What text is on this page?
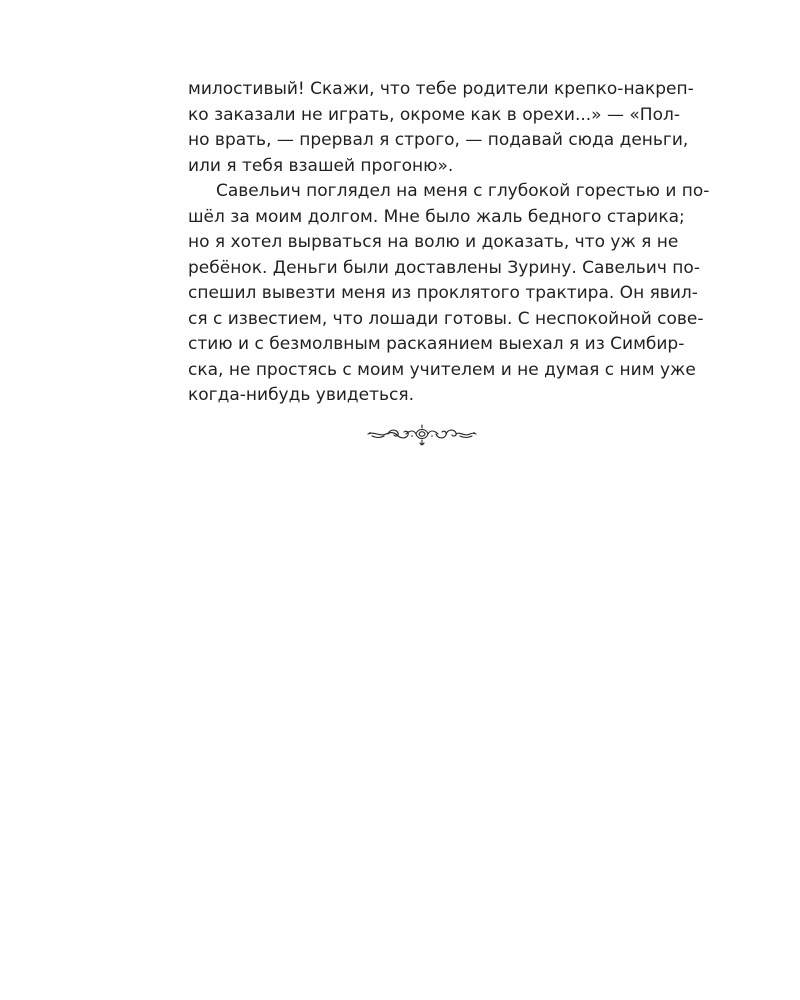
милостивый! Скажи, что тебе родители крепко-накреп-
ко заказали не играть, окроме как в орехи...» — «Пол-
но врать, — прервал я строго, — подавай сюда деньги,
или я тебя взашей прогоню».
Савельич поглядел на меня с глубокой горестью и по-
шёл за моим долгом. Мне было жаль бедного старика;
но я хотел вырваться на волю и доказать, что уж я не
ребёнок. Деньги были доставлены Зурину. Савельич по-
спешил вывезти меня из проклятого трактира. Он явил-
ся с известием, что лошади готовы. С неспокойной сове-
стию и с безмолвным раскаянием выехал я из Симбир-
ска, не простясь с моим учителем и не думая с ним уже
когда-нибудь увидеться.
